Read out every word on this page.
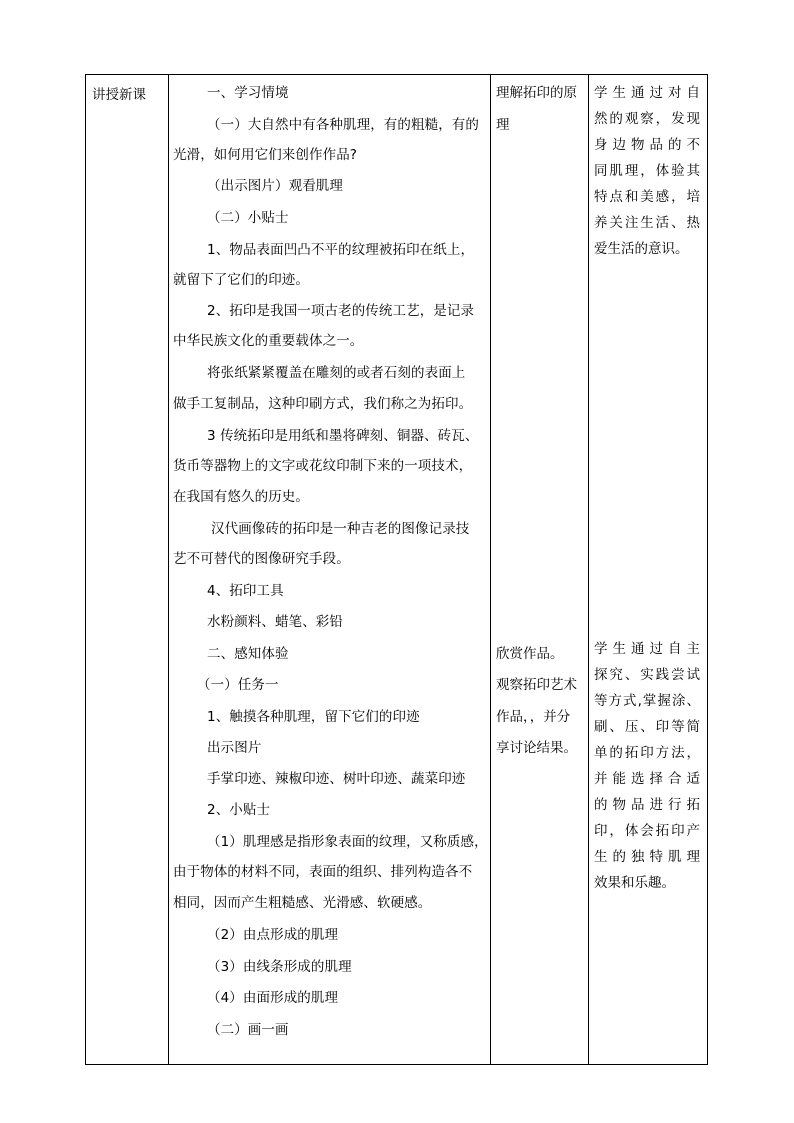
讲授新课	一、学习情境
（一）大自然中有各种肌理，有的粗糙，有的
光滑，如何用它们来创作作品?
（出示图片）观看肌理
（二）小贴士
1、物品表面凹凸不平的纹理被拓印在纸上，
就留下了它们的印迹。
2、拓印是我国一项古老的传统工艺，是记录
中华民族文化的重要载体之一。
将张纸紧紧覆盖在雕刻的或者石刻的表面上
做手工复制品，这种印刷方式，我们称之为拓印。
3 传统拓印是用纸和墨将碑刻、铜器、砖瓦、
货币等器物上的文字或花纹印制下来的一项技术，
在我国有悠久的历史。
汉代画像砖的拓印是一种吉老的图像记录技
艺不可替代的图像研究手段。
4、拓印工具
水粉颜料、蜡笔、彩铅
二、感知体验
（一）任务一
1、触摸各种肌理，留下它们的印迹
出示图片
手掌印迹、辣椒印迹、树叶印迹、蔬菜印迹
2、小贴士
（1）肌理感是指形象表面的纹理，又称质感，
由于物体的材料不同，表面的组织、排列构造各不
相同，因而产生粗糙感、光滑感、软硬感。
（2）由点形成的肌理
（3）由线条形成的肌理
（4）由面形成的肌理
（二）画一画
理解拓印的原
理
欣赏作品。
观察拓印艺术
作品，，并分
享讨论结果。
学生通过对自
然的观察，发现
身边物品的不
同肌理，体验其
特点和美感，培
养关注生活、热
爱生活的意识。
学生通过自主
探究、实践尝试
等方式,掌握涂、
刷、压、印等简
单的拓印方法，
并能选择合适
的物品进行拓
印，体会拓印产
生的独特肌理
效果和乐趣。
